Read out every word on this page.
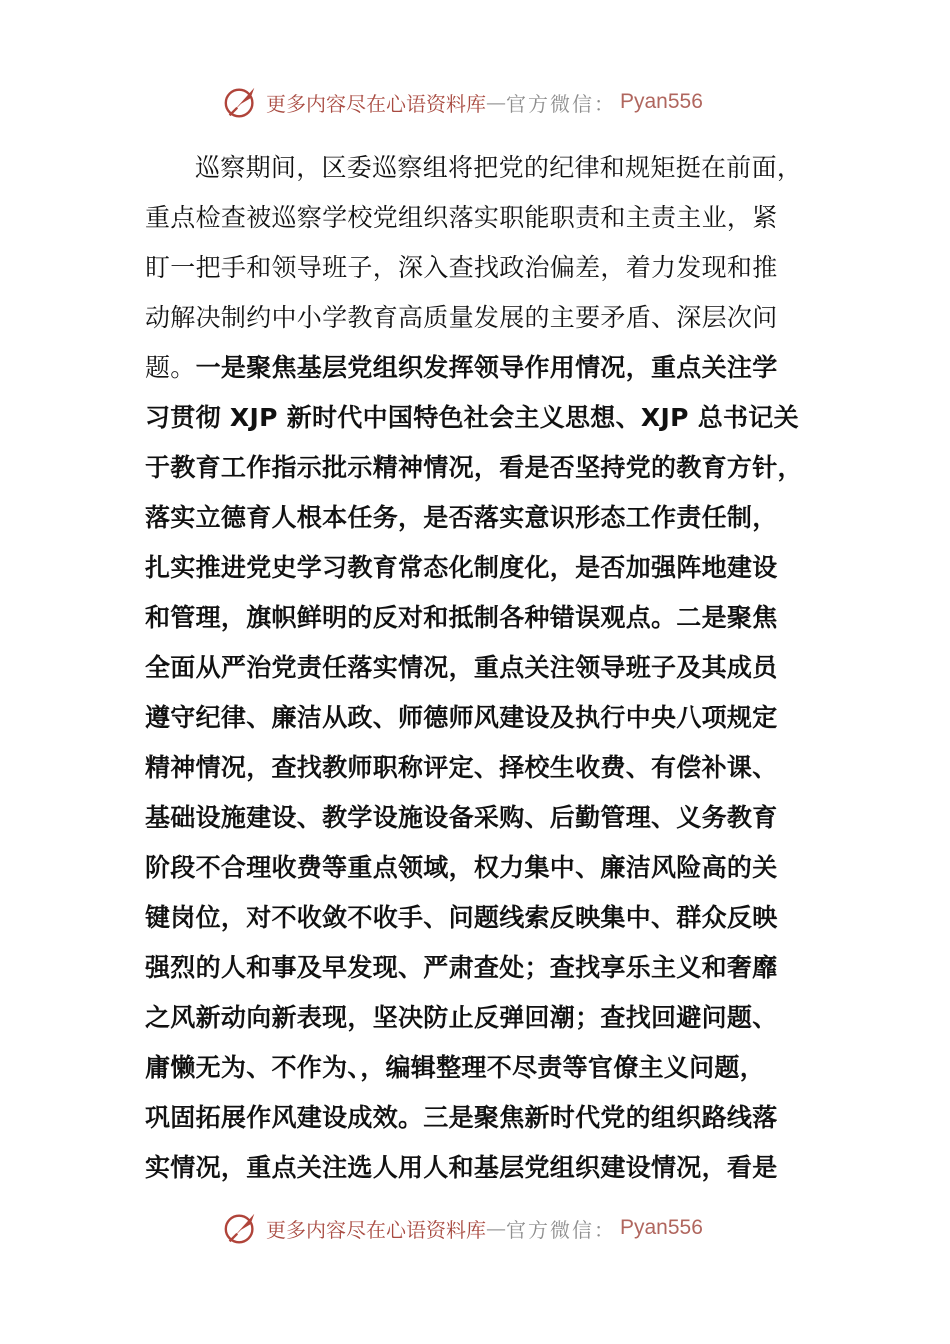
更多内容尽在心语资料库 — 官方微信： Pyan556
巡察期间，区委巡察组将把党的纪律和规矩挺在前面，
重点检查被巡察学校党组织落实职能职责和主责主业，紧
盯一把手和领导班子，深入查找政治偏差，着力发现和推
动解决制约中小学教育高质量发展的主要矛盾、深层次问
题。一是聚焦基层党组织发挥领导作用情况，重点关注学
习贯彻 XJP 新时代中国特色社会主义思想、XJP 总书记关
于教育工作指示批示精神情况，看是否坚持党的教育方针，
落实立德育人根本任务，是否落实意识形态工作责任制，
扎实推进党史学习教育常态化制度化，是否加强阵地建设
和管理，旗帜鲜明的反对和抵制各种错误观点。二是聚焦
全面从严治党责任落实情况，重点关注领导班子及其成员
遵守纪律、廉洁从政、师德师风建设及执行中央八项规定
精神情况，查找教师职称评定、择校生收费、有偿补课、
基础设施建设、教学设施设备采购、后勤管理、义务教育
阶段不合理收费等重点领域，权力集中、廉洁风险高的关
键岗位，对不收敛不收手、问题线索反映集中、群众反映
强烈的人和事及早发现、严肃查处；查找享乐主义和奢靡
之风新动向新表现，坚决防止反弹回潮；查找回避问题、
庸懒无为、不作为、，编辑整理不尽责等官僚主义问题，
巩固拓展作风建设成效。三是聚焦新时代党的组织路线落
实情况，重点关注选人用人和基层党组织建设情况，看是
更多内容尽在心语资料库 — 官方微信： Pyan556
